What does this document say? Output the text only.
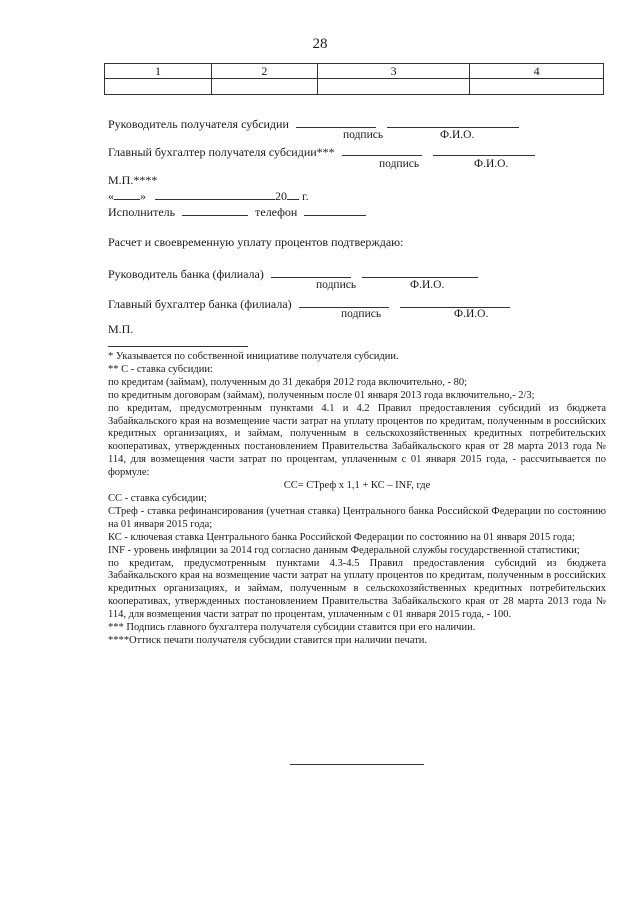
28
1	2	3	4

Руководитель получателя субсидии
подпись	Ф.И.О.
Главный бухгалтер получателя субсидии***
подпись	Ф.И.О.
М.П.****
« »	20 г.
Исполнитель	телефон
Расчет и своевременную уплату процентов подтверждаю:
Руководитель банка (филиала)
подпись	Ф.И.О.
Главный бухгалтер банка (филиала)
подпись	Ф.И.О.
М.П.

* Указывается по собственной инициативе получателя субсидии.

** С - ставка субсидии:

по кредитам (займам), полученным до 31 декабря 2012 года включительно, - 80;

по кредитным договорам (займам), полученным после 01 января 2013 года включительно,- 2/3;

по кредитам, предусмотренным пунктами 4.1 и 4.2 Правил предоставления субсидий из бюджета Забайкальского края на возмещение части затрат на уплату процентов по кредитам, полученным в российских кредитных организациях, и займам, полученным в сельскохозяйственных кредитных потребительских кооперативах, утвержденных постановлением Правительства Забайкальского края от 28 марта 2013 года № 114, для возмещения части затрат по процентам, уплаченным с 01 января 2015 года, - рассчитывается по формуле:

СС= СТреф x 1,1 + КС – INF, где

СС - ставка субсидии;

СТреф - ставка рефинансирования (учетная ставка) Центрального банка Российской Федерации по состоянию на 01 января 2015 года;

КС - ключевая ставка Центрального банка Российской Федерации по состоянию на 01 января 2015 года;

INF - уровень инфляции за 2014 год согласно данным Федеральной службы государственной статистики;

по кредитам, предусмотренным пунктами 4.3-4.5 Правил предоставления субсидий из бюджета Забайкальского края на возмещение части затрат на уплату процентов по кредитам, полученным в российских кредитных организациях, и займам, полученным в сельскохозяйственных кредитных потребительских кооперативах, утвержденных постановлением Правительства Забайкальского края от 28 марта 2013 года № 114, для возмещения части затрат по процентам, уплаченным с 01 января 2015 года, - 100.

*** Подпись главного бухгалтера получателя субсидии ставится при его наличии.

****Оттиск печати получателя субсидии ставится при наличии печати.
